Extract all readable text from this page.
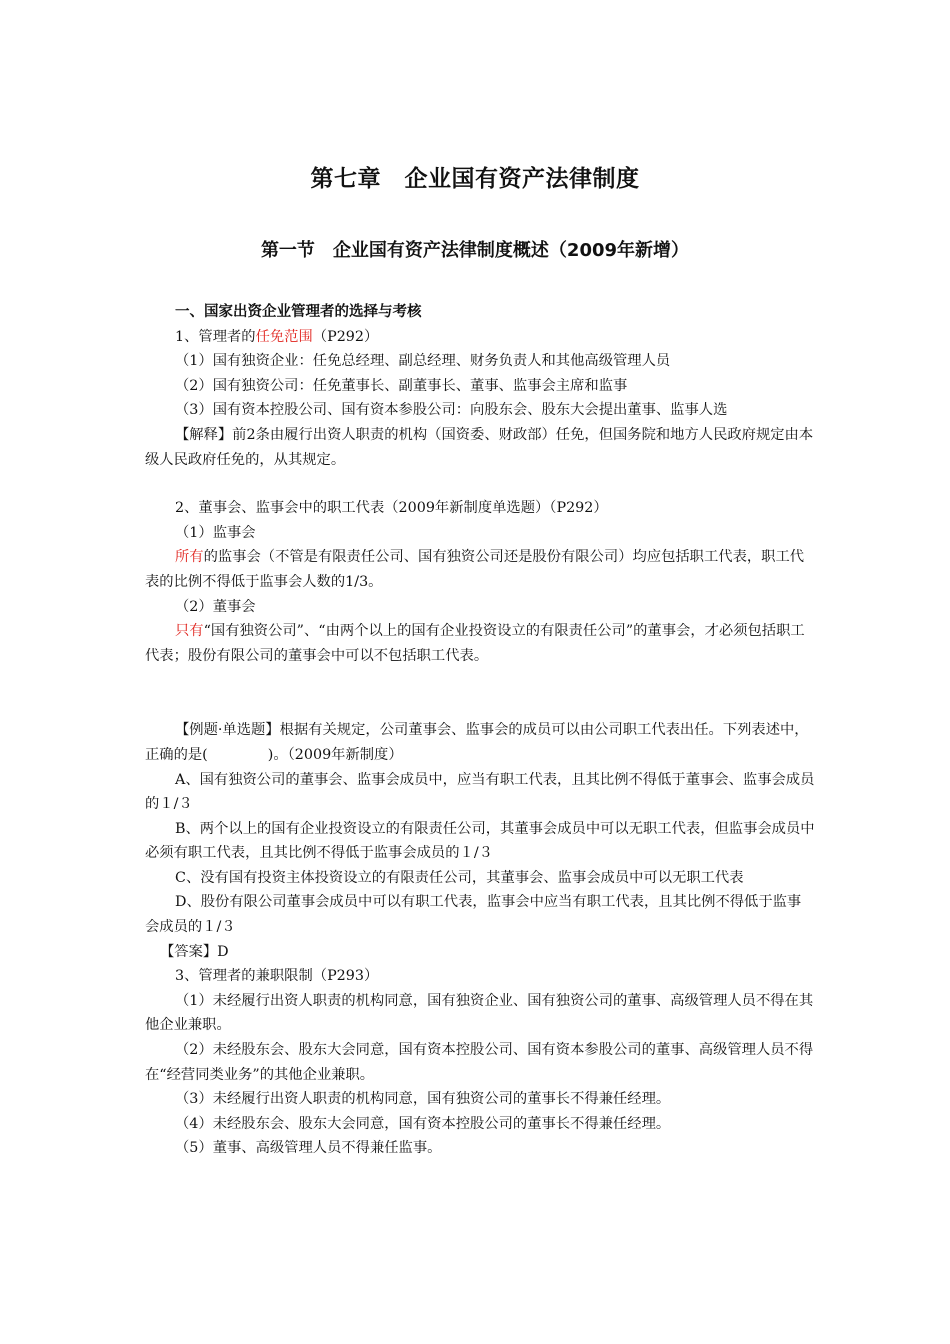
第七章　企业国有资产法律制度
第一节　企业国有资产法律制度概述（2009年新增）

一、国家出资企业管理者的选择与考核

1、管理者的任免范围（P292）

（1）国有独资企业：任免总经理、副总经理、财务负责人和其他高级管理人员

（2）国有独资公司：任免董事长、副董事长、董事、监事会主席和监事

（3）国有资本控股公司、国有资本参股公司：向股东会、股东大会提出董事、监事人选

【解释】前2条由履行出资人职责的机构（国资委、财政部）任免，但国务院和地方人民政府规定由本级人民政府任免的，从其规定。

2、董事会、监事会中的职工代表（2009年新制度单选题）（P292）

（1）监事会

所有的监事会（不管是有限责任公司、国有独资公司还是股份有限公司）均应包括职工代表，职工代表的比例不得低于监事会人数的1/3。

（2）董事会

只有“国有独资公司”、“由两个以上的国有企业投资设立的有限责任公司”的董事会，才必须包括职工代表；股份有限公司的董事会中可以不包括职工代表。

【例题·单选题】根据有关规定，公司董事会、监事会的成员可以由公司职工代表出任。下列表述中，正确的是(	)。（2009年新制度）

A、国有独资公司的董事会、监事会成员中，应当有职工代表，且其比例不得低于董事会、监事会成员的１/３

B、两个以上的国有企业投资设立的有限责任公司，其董事会成员中可以无职工代表，但监事会成员中必须有职工代表，且其比例不得低于监事会成员的１/３

C、没有国有投资主体投资设立的有限责任公司，其董事会、监事会成员中可以无职工代表

D、股份有限公司董事会成员中可以有职工代表，监事会中应当有职工代表，且其比例不得低于监事会成员的１/３

【答案】D

3、管理者的兼职限制（P293）

（1）未经履行出资人职责的机构同意，国有独资企业、国有独资公司的董事、高级管理人员不得在其他企业兼职。

（2）未经股东会、股东大会同意，国有资本控股公司、国有资本参股公司的董事、高级管理人员不得在“经营同类业务”的其他企业兼职。

（3）未经履行出资人职责的机构同意，国有独资公司的董事长不得兼任经理。

（4）未经股东会、股东大会同意，国有资本控股公司的董事长不得兼任经理。

（5）董事、高级管理人员不得兼任监事。
